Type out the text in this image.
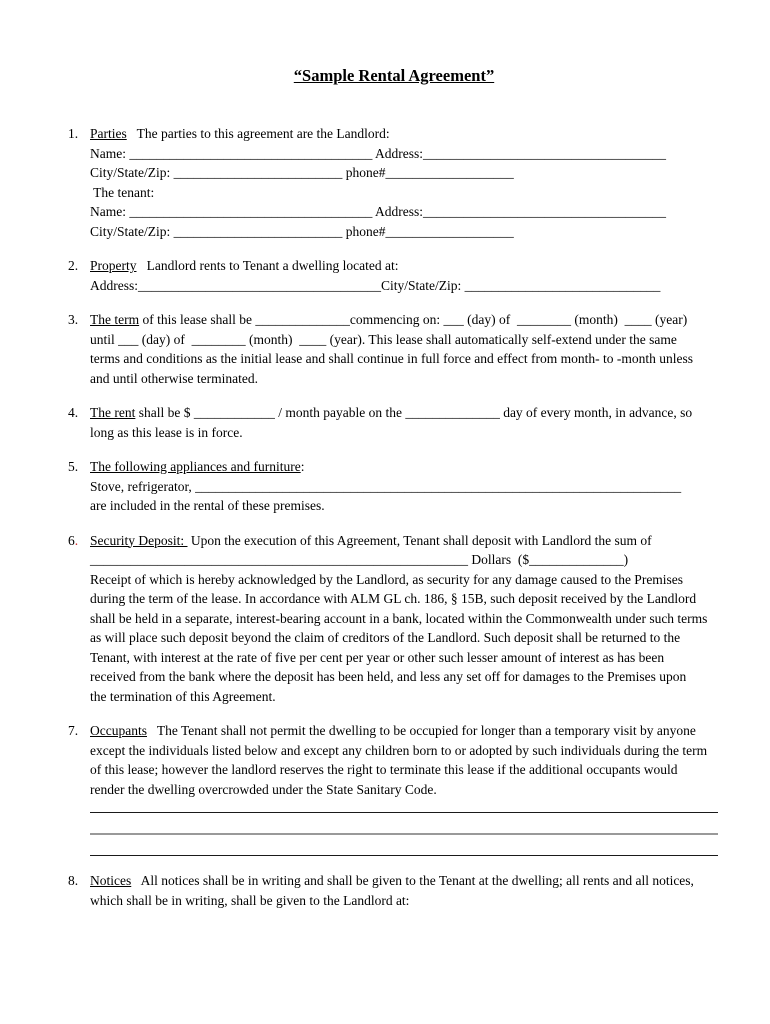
“Sample Rental Agreement”
1. Parties   The parties to this agreement are the Landlord:
Name: ____________________________________ Address:____________________________________
City/State/Zip: _________________________ phone#___________________
The tenant:
Name: ____________________________________ Address:____________________________________
City/State/Zip: _________________________ phone#___________________
2. Property   Landlord rents to Tenant a dwelling located at:
Address:____________________________________City/State/Zip: _____________________________
3. The term of this lease shall be ______________commencing on: ___ (day) of  ________ (month)  ____ (year)
until ___ (day) of  ________ (month)  ____ (year). This lease shall automatically self-extend under the same
terms and conditions as the initial lease and shall continue in full force and effect from month- to -month unless
and until otherwise terminated.
4. The rent shall be $ ____________ / month payable on the ______________ day of every month, in advance, so
long as this lease is in force.
5. The following appliances and furniture:
Stove, refrigerator, ________________________________________________________________________
are included in the rental of these premises.
6. Security Deposit:  Upon the execution of this Agreement, Tenant shall deposit with Landlord the sum of
________________________________________________________ Dollars  ($______________)
Receipt of which is hereby acknowledged by the Landlord, as security for any damage caused to the Premises
during the term of the lease. In accordance with ALM GL ch. 186, § 15B, such deposit received by the Landlord
shall be held in a separate, interest-bearing account in a bank, located within the Commonwealth under such terms
as will place such deposit beyond the claim of creditors of the Landlord. Such deposit shall be returned to the
Tenant, with interest at the rate of five per cent per year or other such lesser amount of interest as has been
received from the bank where the deposit has been held, and less any set off for damages to the Premises upon
the termination of this Agreement.
7. Occupants   The Tenant shall not permit the dwelling to be occupied for longer than a temporary visit by anyone
except the individuals listed below and except any children born to or adopted by such individuals during the term
of this lease; however the landlord reserves the right to terminate this lease if the additional occupants would
render the dwelling overcrowded under the State Sanitary Code.
8. Notices   All notices shall be in writing and shall be given to the Tenant at the dwelling; all rents and all notices,
which shall be in writing, shall be given to the Landlord at:
